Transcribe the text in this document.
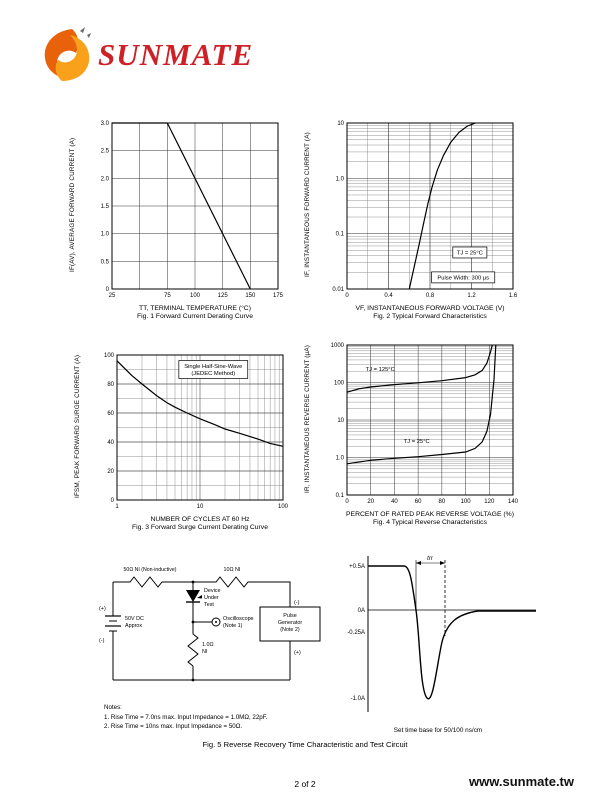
SUNMATE
IF(AV), AVERAGE FORWARD CURRENT (A)
25	75	100	125	150	175
0
0.5
1.0
1.5
2.0
2.5
3.0
TT, TERMINAL TEMPERATURE (°C)
Fig. 1 Forward Current Derating Curve
IF, INSTANTANEOUS FORWARD CURRENT (A)
0	0.4	0.8	1.2	1.6
0.01
0.1
1.0
10
TJ = 25°C
Pulse Width: 300 μs
VF, INSTANTANEOUS FORWARD VOLTAGE (V)
Fig. 2 Typical Forward Characteristics
IFSM, PEAK FORWARD SURGE CURRENT (A)
1	10	100
0
20
40
60
80
100
Single Half-Sine-Wave
(JEDEC Method)
NUMBER OF CYCLES AT 60 Hz
Fig. 3 Forward Surge Current Derating Curve
IR, INSTANTANEOUS REVERSE CURRENT (μA)
0	20	40	60	80	100 120 140
0.1
1.0
10
100
1000
TJ = 125°C
TJ = 25°C
PERCENT OF RATED PEAK REVERSE VOLTAGE (%)
Fig. 4 Typical Reverse Characteristics
50Ω NI (Non-inductive)	10Ω NI
(+)
(-)
50V DC Approx
Device Under Test
1.0Ω NI
Oscilloscope (Note 1)
Pulse Generator (Note 2)
(-)
(+)
Notes:
1. Rise Time = 7.0ns max. Input Impedance = 1.0MΩ, 22pF.
2. Rise Time = 10ns max. Input Impedance = 50Ω.
+0.5A
0A
-0.25A
-1.0A
trr
Set time base for 50/100 ns/cm
Fig. 5 Reverse Recovery Time Characteristic and Test Circuit
2 of 2	www.sunmate.tw
